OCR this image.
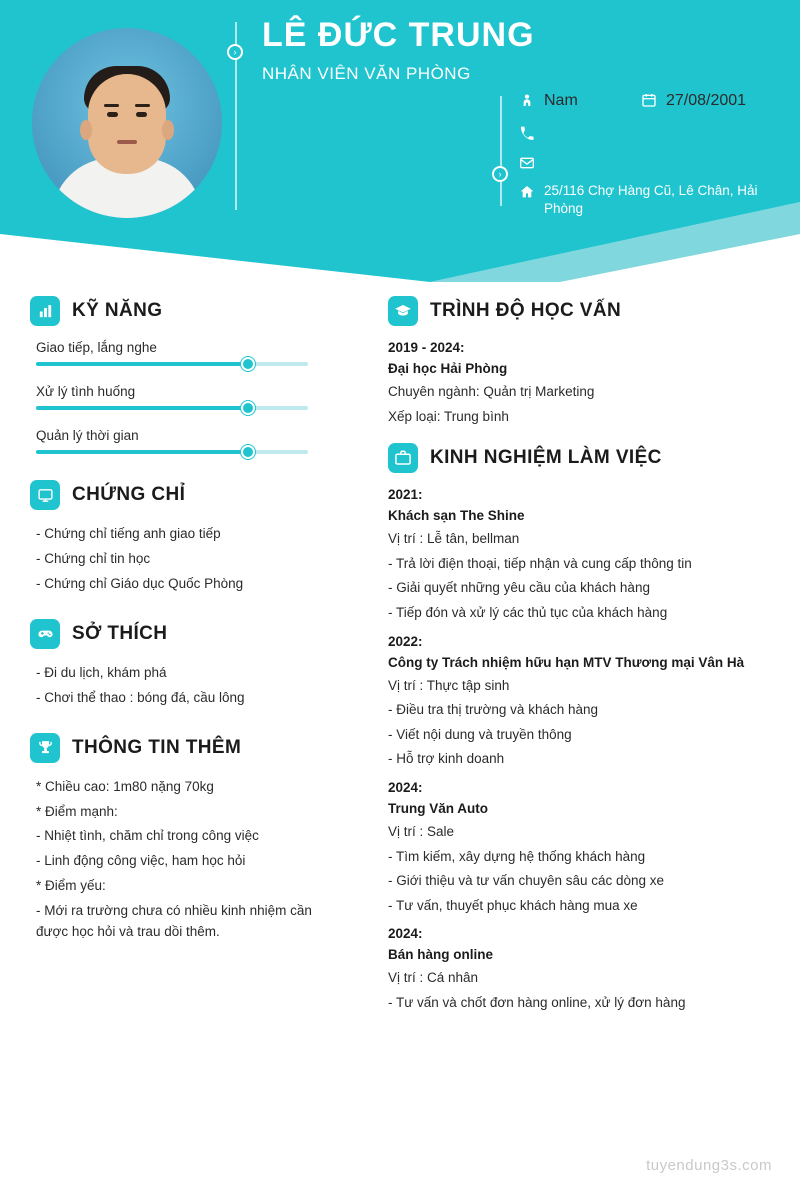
› LÊ ĐỨC TRUNG
NHÂN VIÊN VĂN PHÒNG
›
Nam	27/08/2001
25/116 Chợ Hàng Cũ, Lê Chân, Hải Phòng
KỸ NĂNG
Giao tiếp, lắng nghe
Xử lý tình huống
Quản lý thời gian
CHỨNG CHỈ
- Chứng chỉ tiếng anh giao tiếp
- Chứng chỉ tin học
- Chứng chỉ Giáo dục Quốc Phòng
SỞ THÍCH
- Đi du lịch, khám phá
- Chơi thể thao : bóng đá, cầu lông
THÔNG TIN THÊM
* Chiều cao: 1m80 nặng 70kg
* Điểm mạnh:
- Nhiệt tình, chăm chỉ trong công việc
- Linh động công việc, ham học hỏi
* Điểm yếu:
- Mới ra trường chưa có nhiều kinh nhiệm cần được học hỏi và trau dồi thêm.
TRÌNH ĐỘ HỌC VẤN
2019 - 2024:
Đại học Hải Phòng
Chuyên ngành: Quản trị Marketing
Xếp loại: Trung bình
KINH NGHIỆM LÀM VIỆC
2021:
Khách sạn The Shine
Vị trí : Lễ tân, bellman
- Trả lời điện thoại, tiếp nhận và cung cấp thông tin
- Giải quyết những yêu cầu của khách hàng
- Tiếp đón và xử lý các thủ tục của khách hàng
2022:
Công ty Trách nhiệm hữu hạn MTV Thương mại Vân Hà
Vị trí : Thực tập sinh
- Điều tra thị trường và khách hàng
- Viết nội dung và truyền thông
- Hỗ trợ kinh doanh
2024:
Trung Văn Auto
Vị trí : Sale
- Tìm kiếm, xây dựng hệ thống khách hàng
- Giới thiệu và tư vấn chuyên sâu các dòng xe
- Tư vấn, thuyết phục khách hàng mua xe
2024:
Bán hàng online
Vị trí : Cá nhân
- Tư vấn và chốt đơn hàng online, xử lý đơn hàng
tuyendung3s.com
